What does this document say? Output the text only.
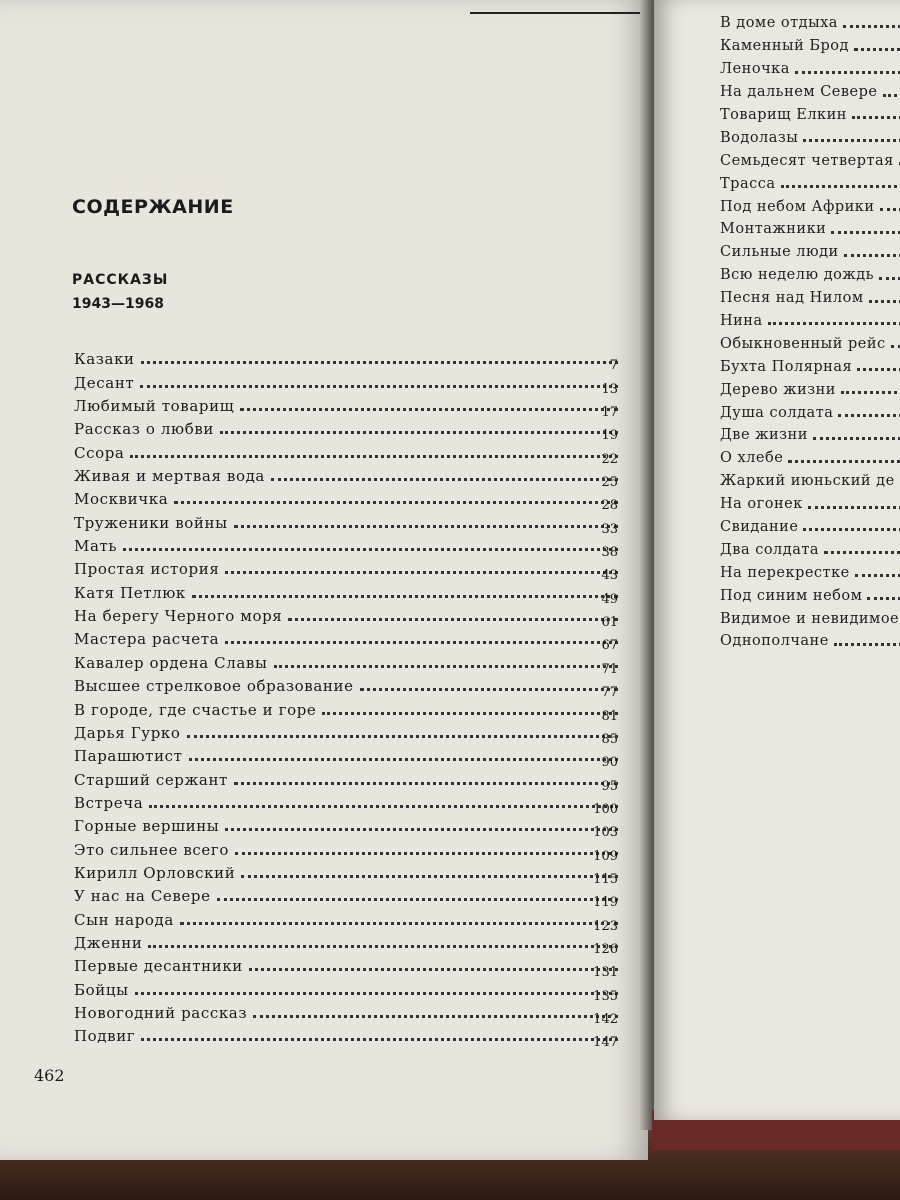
СОДЕРЖАНИЕ
РАССКАЗЫ
1943—1968
Казаки
Десант
7
Любимый товарищ
13
Рассказ о любви
17
Ссора
19
Живая и мертвая вода
22
Москвичка
25
Труженики войны
28
Мать
33
Простая история
38
Катя Петлюк
43
На берегу Черного моря
49
Мастера расчета
61
Кавалер ордена Славы
67
Высшее стрелковое образование
71
В городе, где счастье и горе
77
Дарья Гурко
81
Парашютист
85
Старший сержант
90
Встреча
95
Горные вершины
100
Это сильнее всего
103
Кирилл Орловский
109
У нас на Севере
115
Сын народа
119
Дженни
123
Первые десантники
126
Бойцы
131
Новогодний рассказ
135
Подвиг
142
147
462
В доме отдыха
Каменный Брод
Леночка
На дальнем Севере
Товарищ Елкин
Водолазы
Семьдесят четвертая
Трасса
Под небом Африки
Монтажники
Сильные люди
Всю неделю дождь
Песня над Нилом
Нина
Обыкновенный рейс
Бухта Полярная
Дерево жизни
Душа солдата
Две жизни
О хлебе
Жаркий июньский де
На огонек
Свидание
Два солдата
На перекрестке
Под синим небом
Видимое и невидимое
Однополчане
